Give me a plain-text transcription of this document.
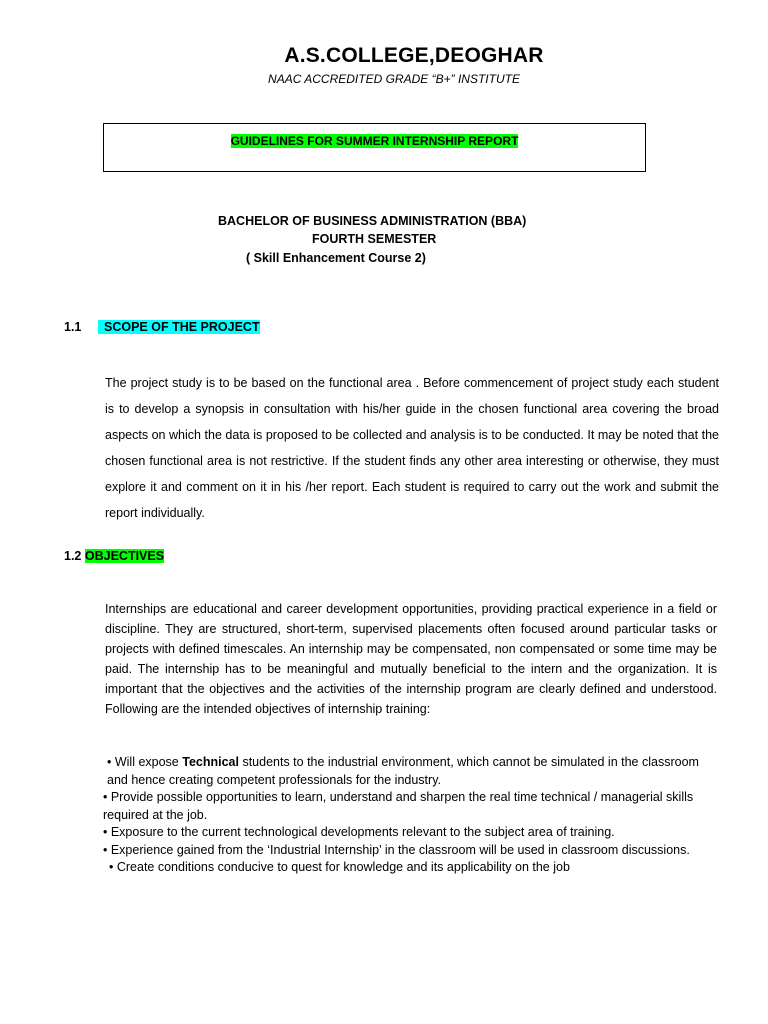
A.S.COLLEGE,DEOGHAR
NAAC ACCREDITED GRADE “B+” INSTITUTE
GUIDELINES FOR SUMMER INTERNSHIP REPORT
BACHELOR OF BUSINESS ADMINISTRATION (BBA)
FOURTH SEMESTER
( Skill Enhancement Course 2)
1.1 SCOPE OF THE PROJECT
The project study is to be based on the functional area . Before commencement of project study each student is to develop a synopsis in consultation with his/her guide in the chosen functional area covering the broad aspects on which the data is proposed to be collected and analysis is to be conducted. It may be noted that the chosen functional area is not restrictive. If the student finds any other area interesting or otherwise, they must explore it and comment on it in his /her report. Each student is required to carry out the work and submit the report individually.
1.2 OBJECTIVES
Internships are educational and career development opportunities, providing practical experience in a field or discipline. They are structured, short-term, supervised placements often focused around particular tasks or projects with defined timescales. An internship may be compensated, non compensated or some time may be paid. The internship has to be meaningful and mutually beneficial to the intern and the organization. It is important that the objectives and the activities of the internship program are clearly defined and understood. Following are the intended objectives of internship training:

• Will expose Technical students to the industrial environment, which cannot be simulated in the classroom and hence creating competent professionals for the industry.

• Provide possible opportunities to learn, understand and sharpen the real time technical / managerial skills required at the job.

• Exposure to the current technological developments relevant to the subject area of training.

• Experience gained from the ‘Industrial Internship’ in the classroom will be used in classroom discussions.

• Create conditions conducive to quest for knowledge and its applicability on the job
